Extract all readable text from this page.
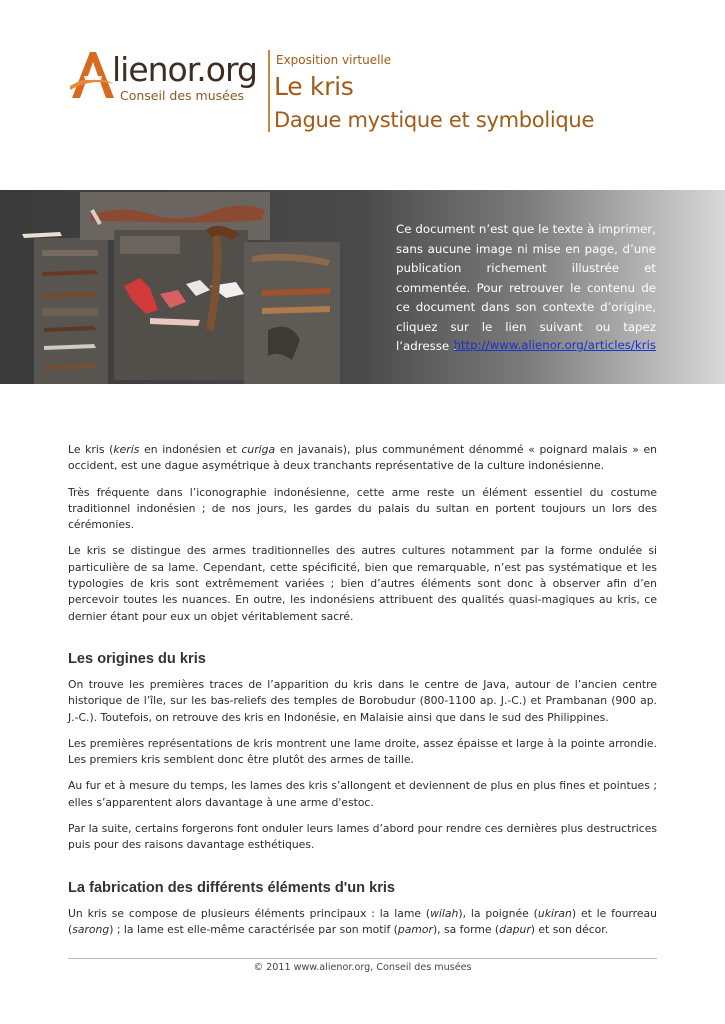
lienor.org
Conseil des musées
Exposition virtuelle
Le kris
Dague mystique et symbolique
Ce document n’est que le texte à imprimer, sans aucune image ni mise en page, d’une publication richement illustrée et commentée. Pour retrouver le contenu de ce document dans son contexte d’origine, cliquez sur le lien suivant ou tapez l’adresse :
http://www.alienor.org/articles/kris

Le kris (keris en indonésien et curiga en javanais), plus communément dénommé « poignard malais » en occident, est une dague asymétrique à deux tranchants représentative de la culture indonésienne.

Très fréquente dans l’iconographie indonésienne, cette arme reste un élément essentiel du costume traditionnel indonésien ; de nos jours, les gardes du palais du sultan en portent toujours un lors des cérémonies.

Le kris se distingue des armes traditionnelles des autres cultures notamment par la forme ondulée si particulière de sa lame. Cependant, cette spécificité, bien que remarquable, n’est pas systématique et les typologies de kris sont extrêmement variées ; bien d’autres éléments sont donc à observer afin d’en percevoir toutes les nuances. En outre, les indonésiens attribuent des qualités quasi-magiques au kris, ce dernier étant pour eux un objet véritablement sacré.

Les origines du kris

On trouve les premières traces de l’apparition du kris dans le centre de Java, autour de l’ancien centre historique de l’île, sur les bas-reliefs des temples de Borobudur (800-1100 ap. J.-C.) et Prambanan (900 ap. J.-C.). Toutefois, on retrouve des kris en Indonésie, en Malaisie ainsi que dans le sud des Philippines.

Les premières représentations de kris montrent une lame droite, assez épaisse et large à la pointe arrondie. Les premiers kris semblent donc être plutôt des armes de taille.

Au fur et à mesure du temps, les lames des kris s’allongent et deviennent de plus en plus fines et pointues ; elles s’apparentent alors davantage à une arme d'estoc.

Par la suite, certains forgerons font onduler leurs lames d’abord pour rendre ces dernières plus destructrices puis pour des raisons davantage esthétiques.

La fabrication des différents éléments d'un kris

Un kris se compose de plusieurs éléments principaux : la lame (wilah), la poignée (ukiran) et le fourreau (sarong) ; la lame est elle-même caractérisée par son motif (pamor), sa forme (dapur) et son décor.

© 2011 www.alienor.org, Conseil des musées
